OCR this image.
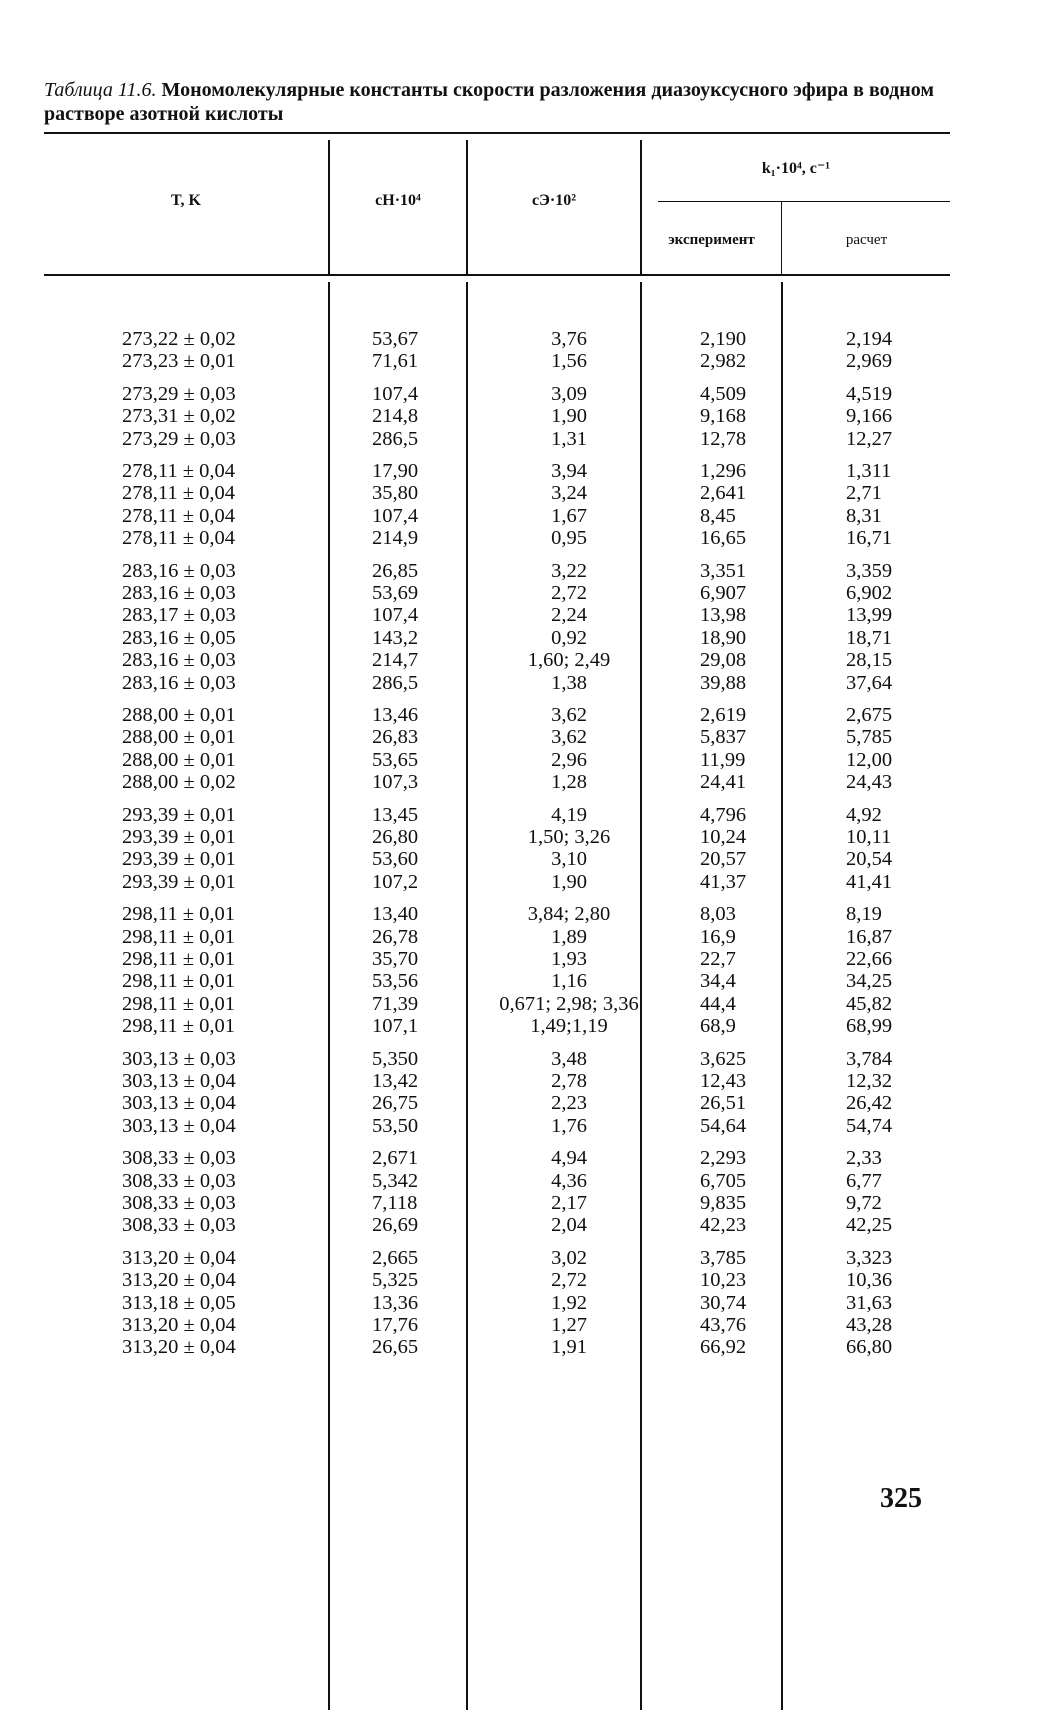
Таблица 11.6. Мономолекулярные константы скорости разложения диазоуксусного эфира в водном растворе азотной кислоты
T, K	cH·10⁴	cЭ·10²
k₁·10⁴, с⁻¹
эксперимент	расчет
273,22 ± 0,02	53,67	3,76	2,190	2,194
273,23 ± 0,01	71,61	1,56	2,982	2,969
273,29 ± 0,03	107,4	3,09	4,509	4,519
273,31 ± 0,02	214,8	1,90	9,168	9,166
273,29 ± 0,03	286,5	1,31	12,78	12,27
278,11 ± 0,04	17,90	3,94	1,296	1,311
278,11 ± 0,04	35,80	3,24	2,641	2,71
278,11 ± 0,04	107,4	1,67	8,45	8,31
278,11 ± 0,04	214,9	0,95	16,65	16,71
283,16 ± 0,03	26,85	3,22	3,351	3,359
283,16 ± 0,03	53,69	2,72	6,907	6,902
283,17 ± 0,03	107,4	2,24	13,98	13,99
283,16 ± 0,05	143,2	0,92	18,90	18,71
283,16 ± 0,03	214,7	1,60; 2,49	29,08	28,15
283,16 ± 0,03	286,5	1,38	39,88	37,64
288,00 ± 0,01	13,46	3,62	2,619	2,675
288,00 ± 0,01	26,83	3,62	5,837	5,785
288,00 ± 0,01	53,65	2,96	11,99	12,00
288,00 ± 0,02	107,3	1,28	24,41	24,43
293,39 ± 0,01	13,45	4,19	4,796	4,92
293,39 ± 0,01	26,80	1,50; 3,26	10,24	10,11
293,39 ± 0,01	53,60	3,10	20,57	20,54
293,39 ± 0,01	107,2	1,90	41,37	41,41
298,11 ± 0,01	13,40	3,84; 2,80	8,03	8,19
298,11 ± 0,01	26,78	1,89	16,9	16,87
298,11 ± 0,01	35,70	1,93	22,7	22,66
298,11 ± 0,01	53,56	1,16	34,4	34,25
298,11 ± 0,01	71,39	0,671; 2,98; 3,36	44,4	45,82
298,11 ± 0,01	107,1	1,49;1,19	68,9	68,99
303,13 ± 0,03	5,350	3,48	3,625	3,784
303,13 ± 0,04	13,42	2,78	12,43	12,32
303,13 ± 0,04	26,75	2,23	26,51	26,42
303,13 ± 0,04	53,50	1,76	54,64	54,74
308,33 ± 0,03	2,671	4,94	2,293	2,33
308,33 ± 0,03	5,342	4,36	6,705	6,77
308,33 ± 0,03	7,118	2,17	9,835	9,72
308,33 ± 0,03	26,69	2,04	42,23	42,25
313,20 ± 0,04	2,665	3,02	3,785	3,323
313,20 ± 0,04	5,325	2,72	10,23	10,36
313,18 ± 0,05	13,36	1,92	30,74	31,63
313,20 ± 0,04	17,76	1,27	43,76	43,28
313,20 ± 0,04	26,65	1,91	66,92	66,80
325
